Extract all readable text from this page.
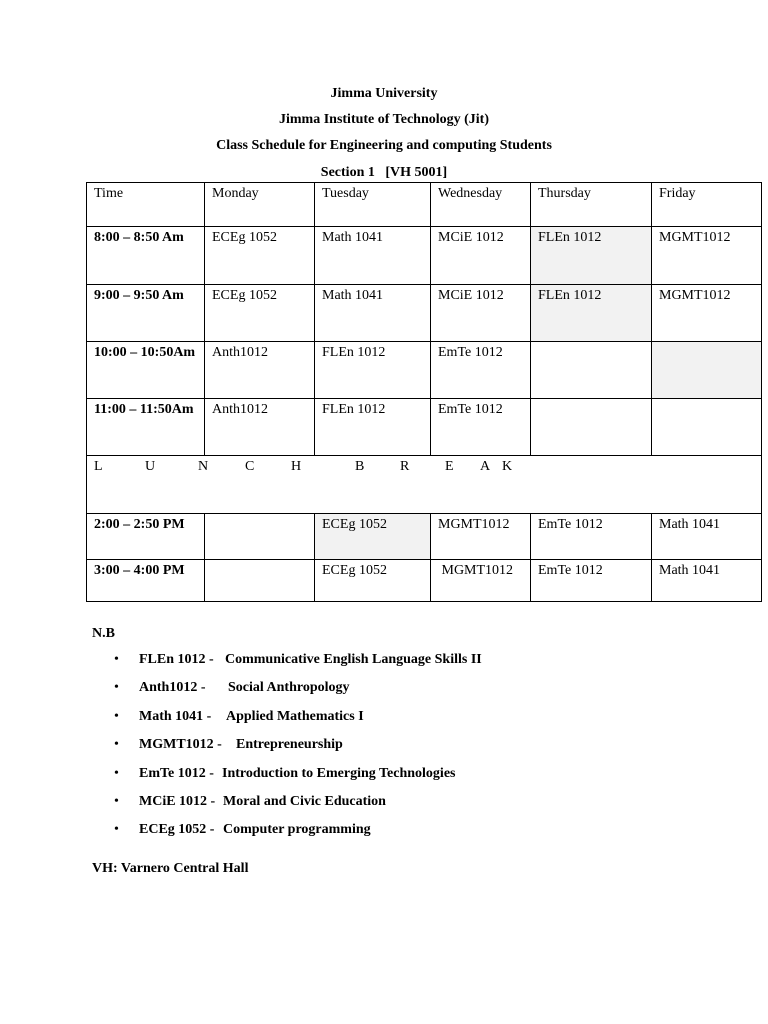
Jimma University
Jimma Institute of Technology (Jit)
Class Schedule for Engineering and computing Students
Section 1   [VH 5001]
Time	Monday	Tuesday	Wednesday	Thursday	Friday
8:00 – 8:50 Am	ECEg 1052	Math 1041	MCiE 1012	FLEn 1012	MGMT1012
9:00 – 9:50 Am	ECEg 1052	Math 1041	MCiE 1012	FLEn 1012	MGMT1012
10:00 – 10:50Am	Anth1012	FLEn 1012	EmTe 1012		
11:00 – 11:50Am	Anth1012	FLEn 1012	EmTe 1012		
L U N C H B R E A K					
2:00 – 2:50 PM		ECEg 1052	MGMT1012	EmTe 1012	Math 1041
3:00 – 4:00 PM		ECEg 1052	MGMT1012	EmTe 1012	Math 1041
N.B
• FLEn 1012 - Communicative English Language Skills II
• Anth1012 - Social Anthropology
• Math 1041 - Applied Mathematics I
• MGMT1012 - Entrepreneurship
• EmTe 1012 - Introduction to Emerging Technologies
• MCiE 1012 - Moral and Civic Education
• ECEg 1052 - Computer programming
VH: Varnero Central Hall
